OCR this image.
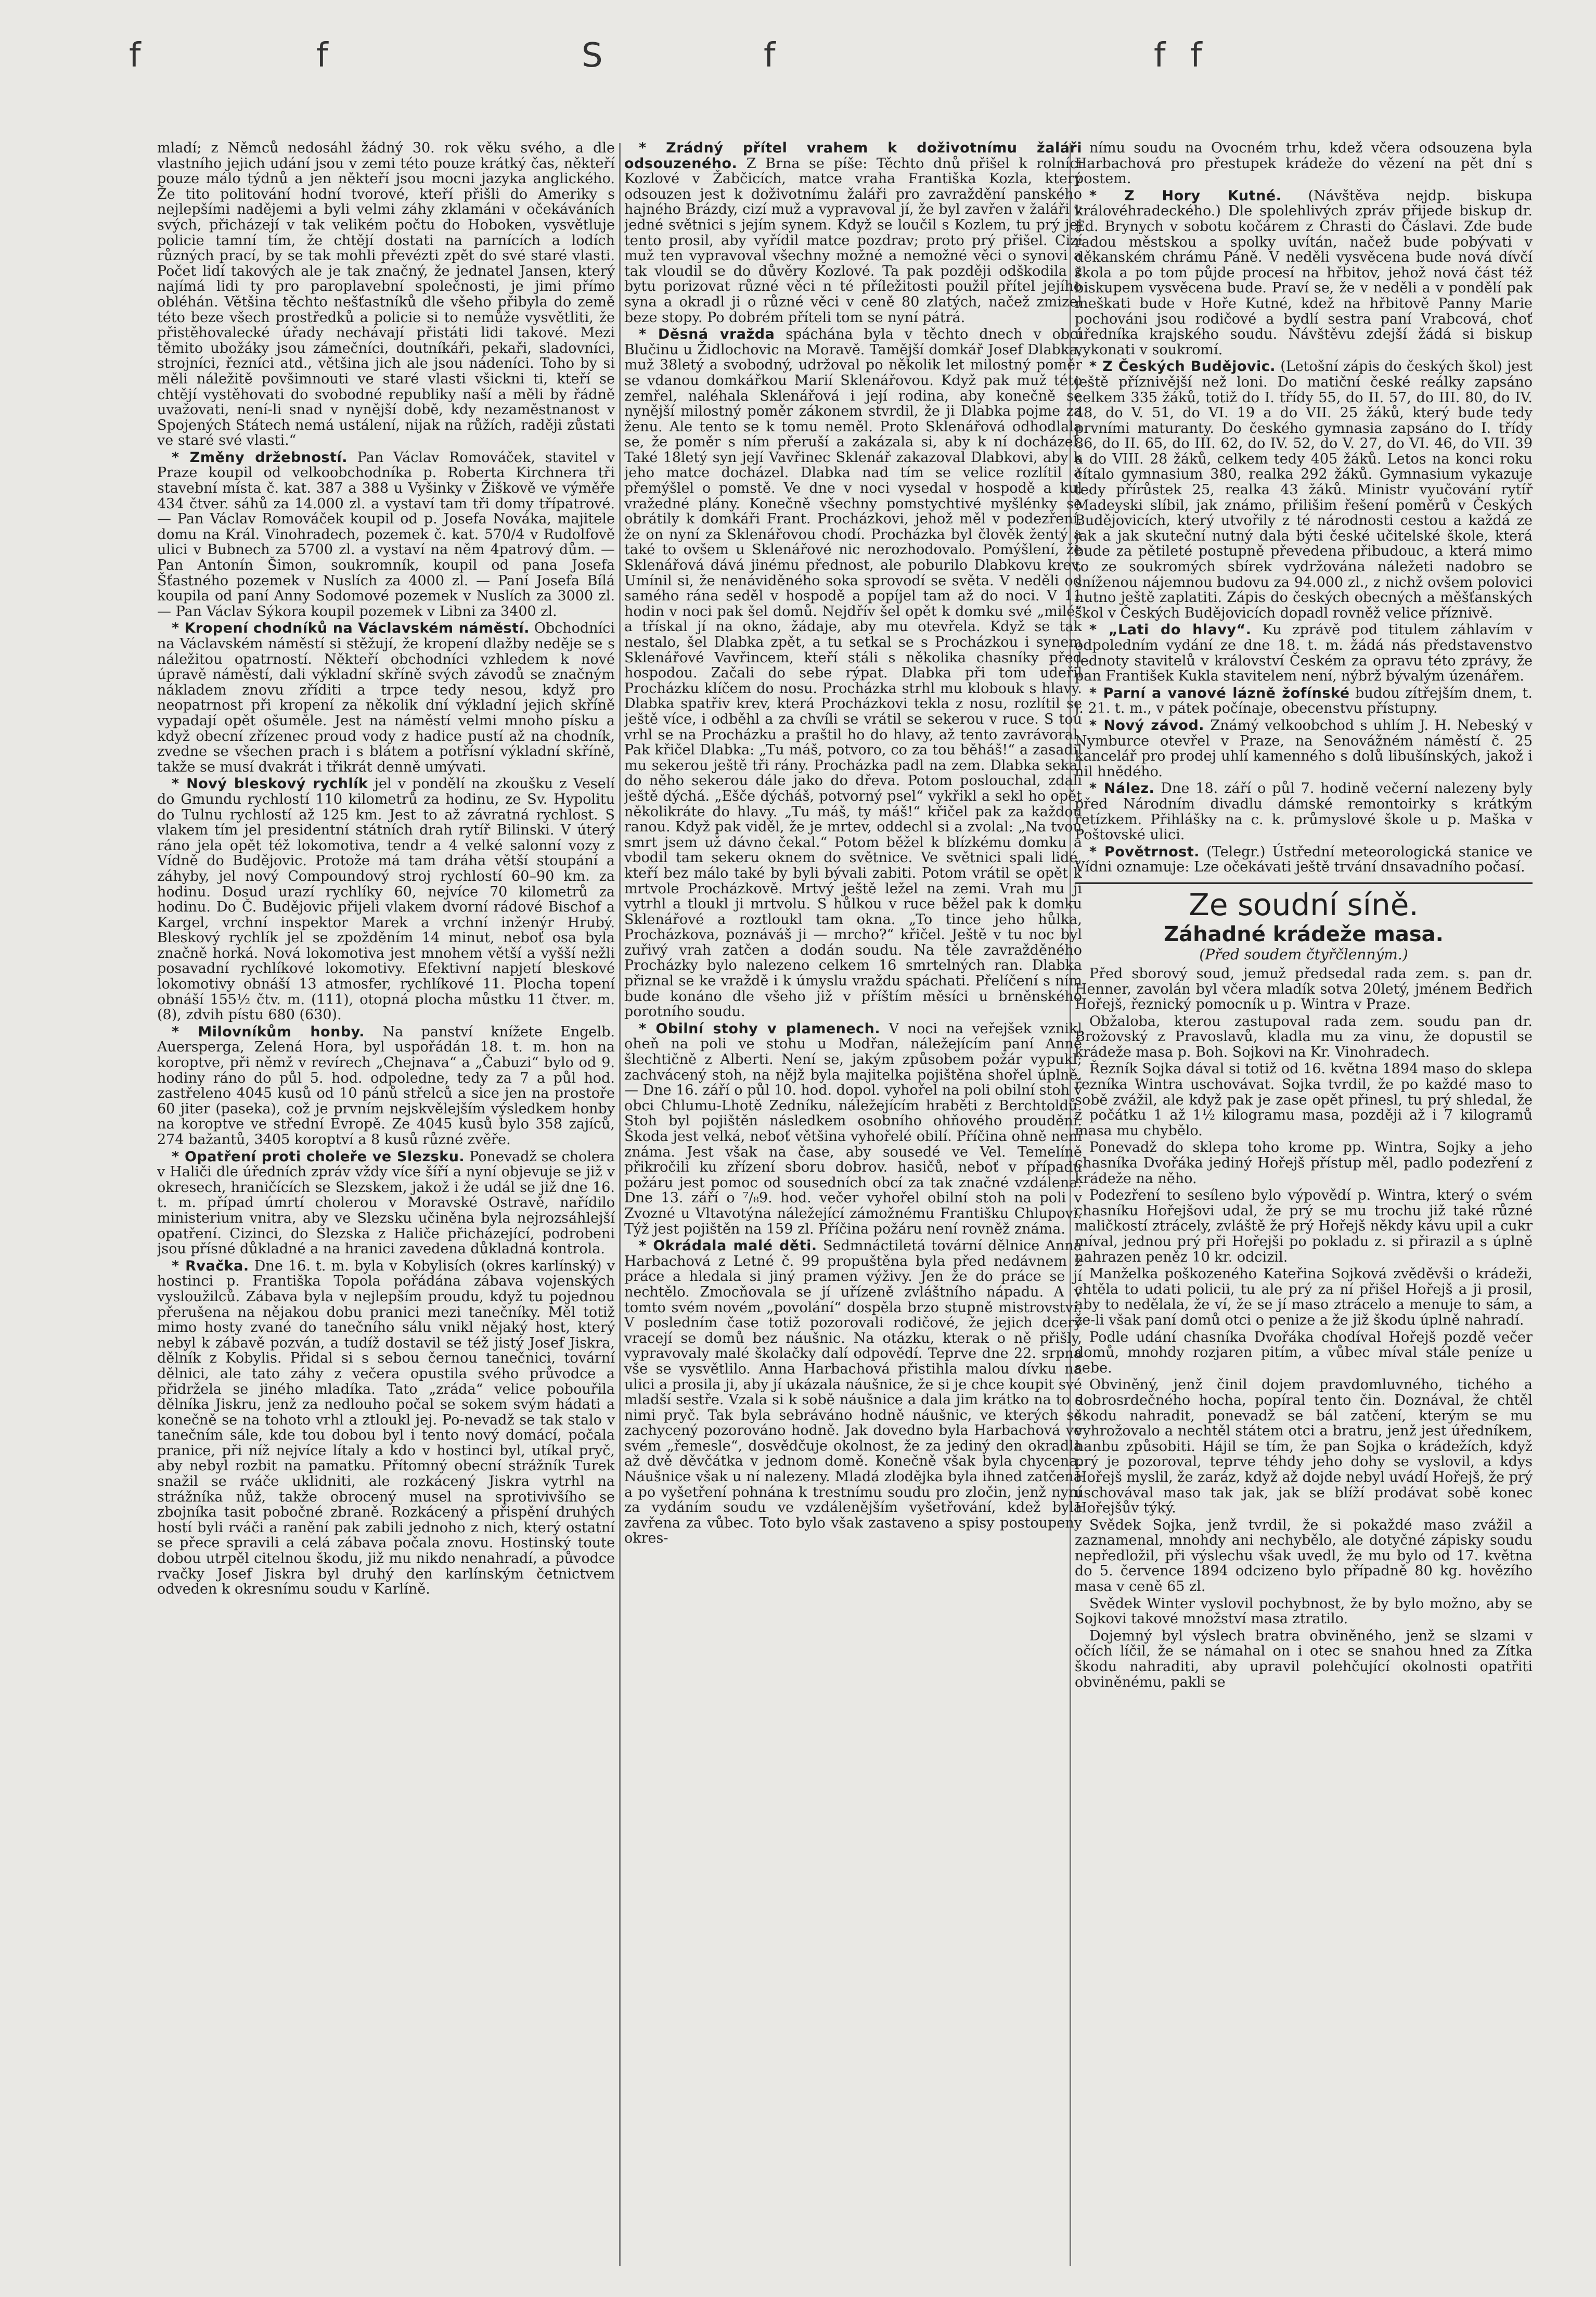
f	f	S	f	f f

mladí; z Němců nedosáhl žádný 30. rok věku svého, a dle vlastního jejich udání jsou v zemi této pouze krátký čas, někteří pouze málo týdnů a jen někteří jsou mocni jazyka anglického. Že tito politování hodní tvorové, kteří přišli do Ameriky s nejlepšími nadějemi a byli velmi záhy zklamáni v očekáváních svých, přicházejí v tak velikém počtu do Hoboken, vysvětluje policie tamní tím, že chtějí dostati na parnících a lodích různých prací, by se tak mohli převézti zpět do své staré vlasti. Počet lidí takových ale je tak značný, že jednatel Jansen, který najímá lidi ty pro paroplavební společnosti, je jimi přímo obléhán. Většina těchto nešťastníků dle všeho přibyla do země této beze všech prostředků a policie si to nemůže vysvětliti, že přistěhovalecké úřady nechávají přistáti lidi takové. Mezi těmito ubožáky jsou zámečníci, doutníkáři, pekaři, sladovníci, strojníci, řezníci atd., většina jich ale jsou nádeníci. Toho by si měli náležitě povšimnouti ve staré vlasti všickni ti, kteří se chtějí vystěhovati do svobodné republiky naší a měli by řádně uvažovati, není-li snad v nynější době, kdy nezaměstnanost v Spojených Státech nemá ustálení, nijak na růžích, raději zůstati ve staré své vlasti.“

* Změny držebností. Pan Václav Romováček, stavitel v Praze koupil od velkoobchodníka p. Roberta Kirchnera tři stavební místa č. kat. 387 a 388 u Vyšinky v Žiškově ve výměře 434 čtver. sáhů za 14.000 zl. a vystaví tam tři domy třípatrové. — Pan Václav Romováček koupil od p. Josefa Nováka, majitele domu na Král. Vinohradech, pozemek č. kat. 570/4 v Rudolfově ulici v Bubnech za 5700 zl. a vystaví na něm 4patrový dům. — Pan Antonín Šimon, soukromník, koupil od pana Josefa Šťastného pozemek v Nuslích za 4000 zl. — Paní Josefa Bílá koupila od paní Anny Sodomové pozemek v Nuslích za 3000 zl. — Pan Václav Sýkora koupil pozemek v Libni za 3400 zl.

* Kropení chodníků na Václavském náměstí. Obchodníci na Václavském náměstí si stěžují, že kropení dlažby neděje se s náležitou opatrností. Někteří obchodníci vzhledem k nové úpravě náměstí, dali výkladní skříně svých závodů se značným nákladem znovu zříditi a trpce tedy nesou, když pro neopatrnost při kropení za několik dní výkladní jejich skříně vypadají opět ošuměle. Jest na náměstí velmi mnoho písku a když obecní zřízenec proud vody z hadice pustí až na chodník, zvedne se všechen prach i s blátem a potřísní výkladní skříně, takže se musí dvakrát i třikrát denně umývati.

* Nový bleskový rychlík jel v pondělí na zkoušku z Veselí do Gmundu rychlostí 110 kilometrů za hodinu, ze Sv. Hypolitu do Tulnu rychlostí až 125 km. Jest to až závratná rychlost. S vlakem tím jel presidentní státních drah rytíř Bilinski. V úterý ráno jela opět též lokomotiva, tendr a 4 velké salonní vozy z Vídně do Budějovic. Protože má tam dráha větší stoupání a záhyby, jel nový Compoundový stroj rychlostí 60–90 km. za hodinu. Dosud urazí rychlíky 60, nejvíce 70 kilometrů za hodinu. Do Č. Budějovic přijeli vlakem dvorní rádové Bischof a Kargel, vrchní inspektor Marek a vrchní inženýr Hrubý. Bleskový rychlík jel se zpožděním 14 minut, neboť osa byla značně horká. Nová lokomotiva jest mnohem větší a vyšší nežli posavadní rychlíkové lokomotivy. Efektivní napjetí bleskové lokomotivy obnáší 13 atmosfer, rychlíkové 11. Plocha topení obnáší 155½ čtv. m. (111), otopná plocha můstku 11 čtver. m. (8), zdvih pístu 680 (630).

* Milovníkům honby. Na panství knížete Engelb. Auersperga, Zelená Hora, byl uspořádán 18. t. m. hon na koroptve, při němž v revírech „Chejnava“ a „Čabuzi“ bylo od 9. hodiny ráno do půl 5. hod. odpoledne, tedy za 7 a půl hod. zastřeleno 4045 kusů od 10 pánů střelců a sice jen na prostoře 60 jiter (paseka), což je prvním nejskvělejším výsledkem honby na koroptve ve střední Evropě. Ze 4045 kusů bylo 358 zajíců, 274 bažantů, 3405 koroptví a 8 kusů různé zvěře.

* Opatření proti choleře ve Slezsku. Ponevadž se cholera v Haliči dle úředních zpráv vždy více šíří a nyní objevuje se již v okresech, hraničících se Slezskem, jakož i že udál se již dne 16. t. m. případ úmrtí cholerou v Moravské Ostravě, nařídilo ministerium vnitra, aby ve Slezsku učiněna byla nejrozsáhlejší opatření. Cizinci, do Slezska z Haliče přicházející, podrobeni jsou přísné důkladné a na hranici zavedena důkladná kontrola.

* Rvačka. Dne 16. t. m. byla v Kobylisích (okres karlínský) v hostinci p. Františka Topola pořádána zábava vojenských vysloužilců. Zábava byla v nejlepším proudu, když tu pojednou přerušena na nějakou dobu pranici mezi tanečníky. Měl totiž mimo hosty zvané do tanečního sálu vnikl nějaký host, který nebyl k zábavě pozván, a tudíž dostavil se též jistý Josef Jiskra, dělník z Kobylis. Přidal si s sebou černou tanečnici, tovární dělnici, ale tato záhy z večera opustila svého průvodce a přidržela se jiného mladíka. Tato „zráda“ velice pobouřila dělníka Jiskru, jenž za nedlouho počal se sokem svým hádati a konečně se na tohoto vrhl a ztloukl jej. Po-nevadž se tak stalo v tanečním sále, kde tou dobou byl i tento nový domácí, počala pranice, při níž nejvíce lítaly a kdo v hostinci byl, utíkal pryč, aby nebyl rozbit na pamatku. Přítomný obecní strážník Turek snažil se rváče uklidniti, ale rozkácený Jiskra vytrhl na strážníka nůž, takže obrocený musel na sprotivivšího se zbojníka tasit pobočné zbraně. Rozkácený a přispění druhých hostí byli rváči a ranění pak zabili jednoho z nich, který ostatní se přece spravili a celá zábava počala znovu. Hostinský toute dobou utrpěl citelnou škodu, již mu nikdo nenahradí, a původce rvačky Josef Jiskra byl druhý den karlínským četnictvem odveden k okresnímu soudu v Karlíně.

* Zrádný přítel vrahem k doživotnímu žaláři odsouzeného. Z Brna se píše: Těchto dnů přišel k rolníci Kozlové v Žabčicích, matce vraha Františka Kozla, který odsouzen jest k doživotnímu žaláři pro zavraždění panského hajného Brázdy, cizí muž a vypravoval jí, že byl zavřen v žaláři v jedné světnici s jejím synem. Když se loučil s Kozlem, tu prý jej tento prosil, aby vyřídil matce pozdrav; proto prý přišel. Cizí muž ten vypravoval všechny možné a nemožné věci o synovi a tak vloudil se do důvěry Kozlové. Ta pak později odškodila z bytu porizovat různé věci n té příležitosti použil přítel jejího syna a okradl ji o různé věci v ceně 80 zlatých, načež zmizel beze stopy. Po dobrém příteli tom se nyní pátrá.

* Děsná vražda spáchána byla v těchto dnech v obci Blučinu u Židlochovic na Moravě. Tamější domkář Josef Dlabka, muž 38letý a svobodný, udržoval po několik let milostný poměr se vdanou domkářkou Marií Sklenářovou. Když pak muž této zemřel, naléhala Sklenářová i její rodina, aby konečně se nynější milostný poměr zákonem stvrdil, že ji Dlabka pojme za ženu. Ale tento se k tomu neměl. Proto Sklenářová odhodlala se, že poměr s ním přeruší a zakázala si, aby k ní docházel. Také 18letý syn její Vavřinec Sklenář zakazoval Dlabkovi, aby k jeho matce docházel. Dlabka nad tím se velice rozlítil a přemýšlel o pomstě. Ve dne v noci vysedal v hospodě a kul vražedné plány. Konečně všechny pomstychtivé myšlénky se obrátily k domkáři Frant. Procházkovi, jehož měl v podezření, že on nyní za Sklenářovou chodí. Procházka byl člověk žentý a také to ovšem u Sklenářové nic nerozhodovalo. Pomýšlení, že Sklenářová dává jinému přednost, ale poburilo Dlabkovu krev. Umínil si, že nenáviděného soka sprovodí se světa. V neděli od samého rána seděl v hospodě a popíjel tam až do noci. V 11 hodin v noci pak šel domů. Nejdřív šel opět k domku své „milé“ a třískal jí na okno, žádaje, aby mu otevřela. Když se tak nestalo, šel Dlabka zpět, a tu setkal se s Procházkou i synem Sklenářové Vavřincem, kteří stáli s několika chasníky před hospodou. Začali do sebe rýpat. Dlabka při tom udeřil Procházku klíčem do nosu. Procházka strhl mu klobouk s hlavy. Dlabka spatřiv krev, která Procházkovi tekla z nosu, rozlítil se ještě více, i odběhl a za chvíli se vrátil se sekerou v ruce. S tou vrhl se na Procházku a praštil ho do hlavy, až tento zavrávoral. Pak křičel Dlabka: „Tu máš, potvoro, co za tou běháš!“ a zasadil mu sekerou ještě tři rány. Procházka padl na zem. Dlabka sekal do něho sekerou dále jako do dřeva. Potom poslouchal, zdali ještě dýchá. „Ešče dýcháš, potvorný psel“ vykřikl a sekl ho opět několikráte do hlavy. „Tu máš, ty máš!“ křičel pak za každou ranou. Když pak viděl, že je mrtev, oddechl si a zvolal: „Na tvou smrt jsem už dávno čekal.“ Potom běžel k blízkému domku a vbodil tam sekeru oknem do světnice. Ve světnici spali lidé, kteří bez málo také by byli bývali zabiti. Potom vrátil se opět k mrtvole Procházkově. Mrtvý ještě ležel na zemi. Vrah mu ji vytrhl a tloukl ji mrtvolu. S hůlkou v ruce běžel pak k domku Sklenářové a roztloukl tam okna. „To tince jeho hůlka, Procházkova, poznáváš ji — mrcho?“ křičel. Ještě v tu noc byl zuřivý vrah zatčen a dodán soudu. Na těle zavražděného Procházky bylo nalezeno celkem 16 smrtelných ran. Dlabka přiznal se ke vraždě i k úmyslu vraždu spáchati. Přelíčení s ním bude konáno dle všeho již v příštím měsíci u brněnského porotního soudu.

* Obilní stohy v plamenech. V noci na veřejšek vznikl oheň na poli ve stohu u Modřan, náležejícím paní Anně šlechtičně z Alberti. Není se, jakým způsobem požár vypukl; zachvácený stoh, na nějž byla majitelka pojištěna shořel úplně. — Dne 16. září o půl 10. hod. dopol. vyhořel na poli obilní stoh v obci Chlumu-Lhotě Zedníku, náležejícím hraběti z Berchtoldů. Stoh byl pojištěn následkem osobního ohňového proudění. Škoda jest velká, neboť většina vyhořelé obilí. Příčina ohně není známa. Jest však na čase, aby sousedé ve Vel. Temelíně přikročili ku zřízení sboru dobrov. hasičů, neboť v případu požáru jest pomoc od sousedních obcí za tak značné vzdálena. Dne 13. září o ⁷/₈9. hod. večer vyhořel obilní stoh na poli v Zvozné u Vltavotýna náležející zámožnému Františku Chlupovi. Týž jest pojištěn na 159 zl. Příčina požáru není rovněž známa.

* Okrádala malé děti. Sedmnáctiletá tovární dělnice Anna Harbachová z Letné č. 99 propuštěna byla před nedávnem z práce a hledala si jiný pramen výživy. Jen že do práce se jí nechtělo. Zmocňovala se jí uřízeně zvláštního nápadu. A v tomto svém novém „povolání“ dospěla brzo stupně mistrovství. V posledním čase totiž pozorovali rodičové, že jejich dcery vracejí se domů bez náušnic. Na otázku, kterak o ně přišly, vypravovaly malé školačky dalí odpovědí. Teprve dne 22. srpna vše se vysvětlilo. Anna Harbachová přistihla malou dívku na ulici a prosila ji, aby jí ukázala náušnice, že si je chce koupit své mladší sestře. Vzala si k sobě náušnice a dala jim krátko na to s nimi pryč. Tak byla sebráváno hodně náušnic, ve kterých se zachycený pozorováno hodně. Jak dovedno byla Harbachová ve svém „řemesle“, dosvědčuje okolnost, že za jediný den okradla až dvě děvčátka v jednom domě. Konečně však byla chycena. Náušnice však u ní nalezeny. Mladá zlodějka byla ihned zatčena a po vyšetření pohnána k trestnímu soudu pro zločin, jenž nyní za vydáním soudu ve vzdálenějším vyšetřování, kdež byla zavřena za vůbec. Toto bylo však zastaveno a spisy postoupeny okres-

nímu soudu na Ovocném trhu, kdež včera odsouzena byla Harbachová pro přestupek krádeže do vězení na pět dní s postem.

* Z Hory Kutné. (Návštěva nejdp. biskupa královéhradeckého.) Dle spolehlivých zpráv přijede biskup dr. Ed. Brynych v sobotu kočárem z Chrasti do Čáslavi. Zde bude radou městskou a spolky uvítán, načež bude pobývati v děkanském chrámu Páně. V neděli vysvěcena bude nová dívčí škola a po tom půjde procesí na hřbitov, jehož nová část též biskupem vysvěcena bude. Praví se, že v neděli a v pondělí pak meškati bude v Hoře Kutné, kdež na hřbitově Panny Marie pochováni jsou rodičové a bydlí sestra paní Vrabcová, choť úředníka krajského soudu. Návštěvu zdejší žádá si biskup vykonati v soukromí.

* Z Českých Budějovic. (Letošní zápis do českých škol) jest ještě příznivější než loni. Do matiční české reálky zapsáno celkem 335 žáků, totiž do I. třídy 55, do II. 57, do III. 80, do IV. 48, do V. 51, do VI. 19 a do VII. 25 žáků, který bude tedy prvními maturanty. Do českého gymnasia zapsáno do I. třídy 86, do II. 65, do III. 62, do IV. 52, do V. 27, do VI. 46, do VII. 39 a do VIII. 28 žáků, celkem tedy 405 žáků. Letos na konci roku čítalo gymnasium 380, realka 292 žáků. Gymnasium vykazuje tedy přírůstek 25, realka 43 žáků. Ministr vyučování rytíř Madeyski slíbil, jak známo, přilišim řešení poměrů v Českých Budějovicích, který utvořily z té národnosti cestou a každá ze jak a jak skuteční nutný dala býti české učitelské škole, která bude za pětileté postupně převedena přibudouc, a která mimo to ze soukromých sbírek vydržována náležeti nadobro se sníženou nájemnou budovu za 94.000 zl., z nichž ovšem polovici nutno ještě zaplatiti. Zápis do českých obecných a měšťanských škol v Českých Budějovicích dopadl rovněž velice příznivě.

* „Lati do hlavy“. Ku zprávě pod titulem záhlavím v odpoledním vydání ze dne 18. t. m. žádá nás představenstvo Jednoty stavitelů v království Českém za opravu této zprávy, že pan František Kukla stavitelem není, nýbrž bývalým úzenářem.

* Parní a vanové lázně žofínské budou zítřejším dnem, t. j. 21. t. m., v pátek počínaje, obecenstvu přístupny.

* Nový závod. Známý velkoobchod s uhlím J. H. Nebeský v Nymburce otevřel v Praze, na Senovážném náměstí č. 25 kancelář pro prodej uhlí kamenného s dolů libušínských, jakož i nil hnědého.

* Nález. Dne 18. září o půl 7. hodině večerní nalezeny byly před Národním divadlu dámské remontoirky s krátkým řetízkem. Přihlášky na c. k. průmyslové škole u p. Maška v Poštovské ulici.

* Povětrnost. (Telegr.) Ústřední meteorologická stanice ve Vídni oznamuje: Lze očekávati ještě trvání dnsavadního počasí.

Ze soudní síně.
Záhadné krádeže masa.
(Před soudem čtyřčlenným.)

Před sborový soud, jemuž předsedal rada zem. s. pan dr. Henner, zavolán byl včera mladík sotva 20letý, jménem Bedřich Hořejš, řeznický pomocník u p. Wintra v Praze.

Obžaloba, kterou zastupoval rada zem. soudu pan dr. Brožovský z Pravoslavů, kladla mu za vinu, že dopustil se krádeže masa p. Boh. Sojkovi na Kr. Vinohradech.

Řezník Sojka dával si totiž od 16. května 1894 maso do sklepa řezníka Wintra uschovávat. Sojka tvrdil, že po každé maso to sobě zvážil, ale když pak je zase opět přinesl, tu prý shledal, že z počátku 1 až 1½ kilogramu masa, později až i 7 kilogramů masa mu chybělo.

Ponevadž do sklepa toho krome pp. Wintra, Sojky a jeho chasníka Dvořáka jediný Hořejš přístup měl, padlo podezření z krádeže na něho.

Podezření to sesíleno bylo výpovědí p. Wintra, který o svém chasníku Hořejšovi udal, že prý se mu trochu již také různé maličkostí ztrácely, zvláště že prý Hořejš někdy kávu upil a cukr míval, jednou prý při Hořejši po pokladu z. si přirazil a s úplně nahrazen peněz 10 kr. odcizil.

Manželka poškozeného Kateřina Sojková zvěděvši o krádeži, chtěla to udati policii, tu ale prý za ní přišel Hořejš a ji prosil, aby to nedělala, že ví, že se jí maso ztrácelo a menuje to sám, a že-li však paní domů otci o penize a že již škodu úplně nahradí.

Podle udání chasníka Dvořáka chodíval Hořejš pozdě večer domů, mnohdy rozjaren pitím, a vůbec míval stále peníze u sebe.

Obviněný, jenž činil dojem pravdomluvného, tichého a dobrosrdečného hocha, popíral tento čin. Doznával, že chtěl škodu nahradit, ponevadž se bál zatčení, kterým se mu vyhrožovalo a nechtěl státem otci a bratru, jenž jest úředníkem, hanbu způsobiti. Hájil se tím, že pan Sojka o krádežích, když prý je pozoroval, teprve téhdy jeho dohy se vyslovil, a kdys Hořejš myslil, že zaráz, když až dojde nebyl uvádí Hořejš, že prý uschovával maso tak jak, jak se blíží prodávat sobě konec Hořejšův týký.

Svědek Sojka, jenž tvrdil, že si pokaždé maso zvážil a zaznamenal, mnohdy ani nechybělo, ale dotyčné zápisky soudu nepředložil, při výslechu však uvedl, že mu bylo od 17. května do 5. července 1894 odcizeno bylo případně 80 kg. hovězího masa v ceně 65 zl.

Svědek Winter vyslovil pochybnost, že by bylo možno, aby se Sojkovi takové množství masa ztratilo.

Dojemný byl výslech bratra obviněného, jenž se slzami v očích líčil, že se námahal on i otec se snahou hned za Zítka škodu nahraditi, aby upravil polehčující okolnosti opatřiti obviněnému, pakli se
